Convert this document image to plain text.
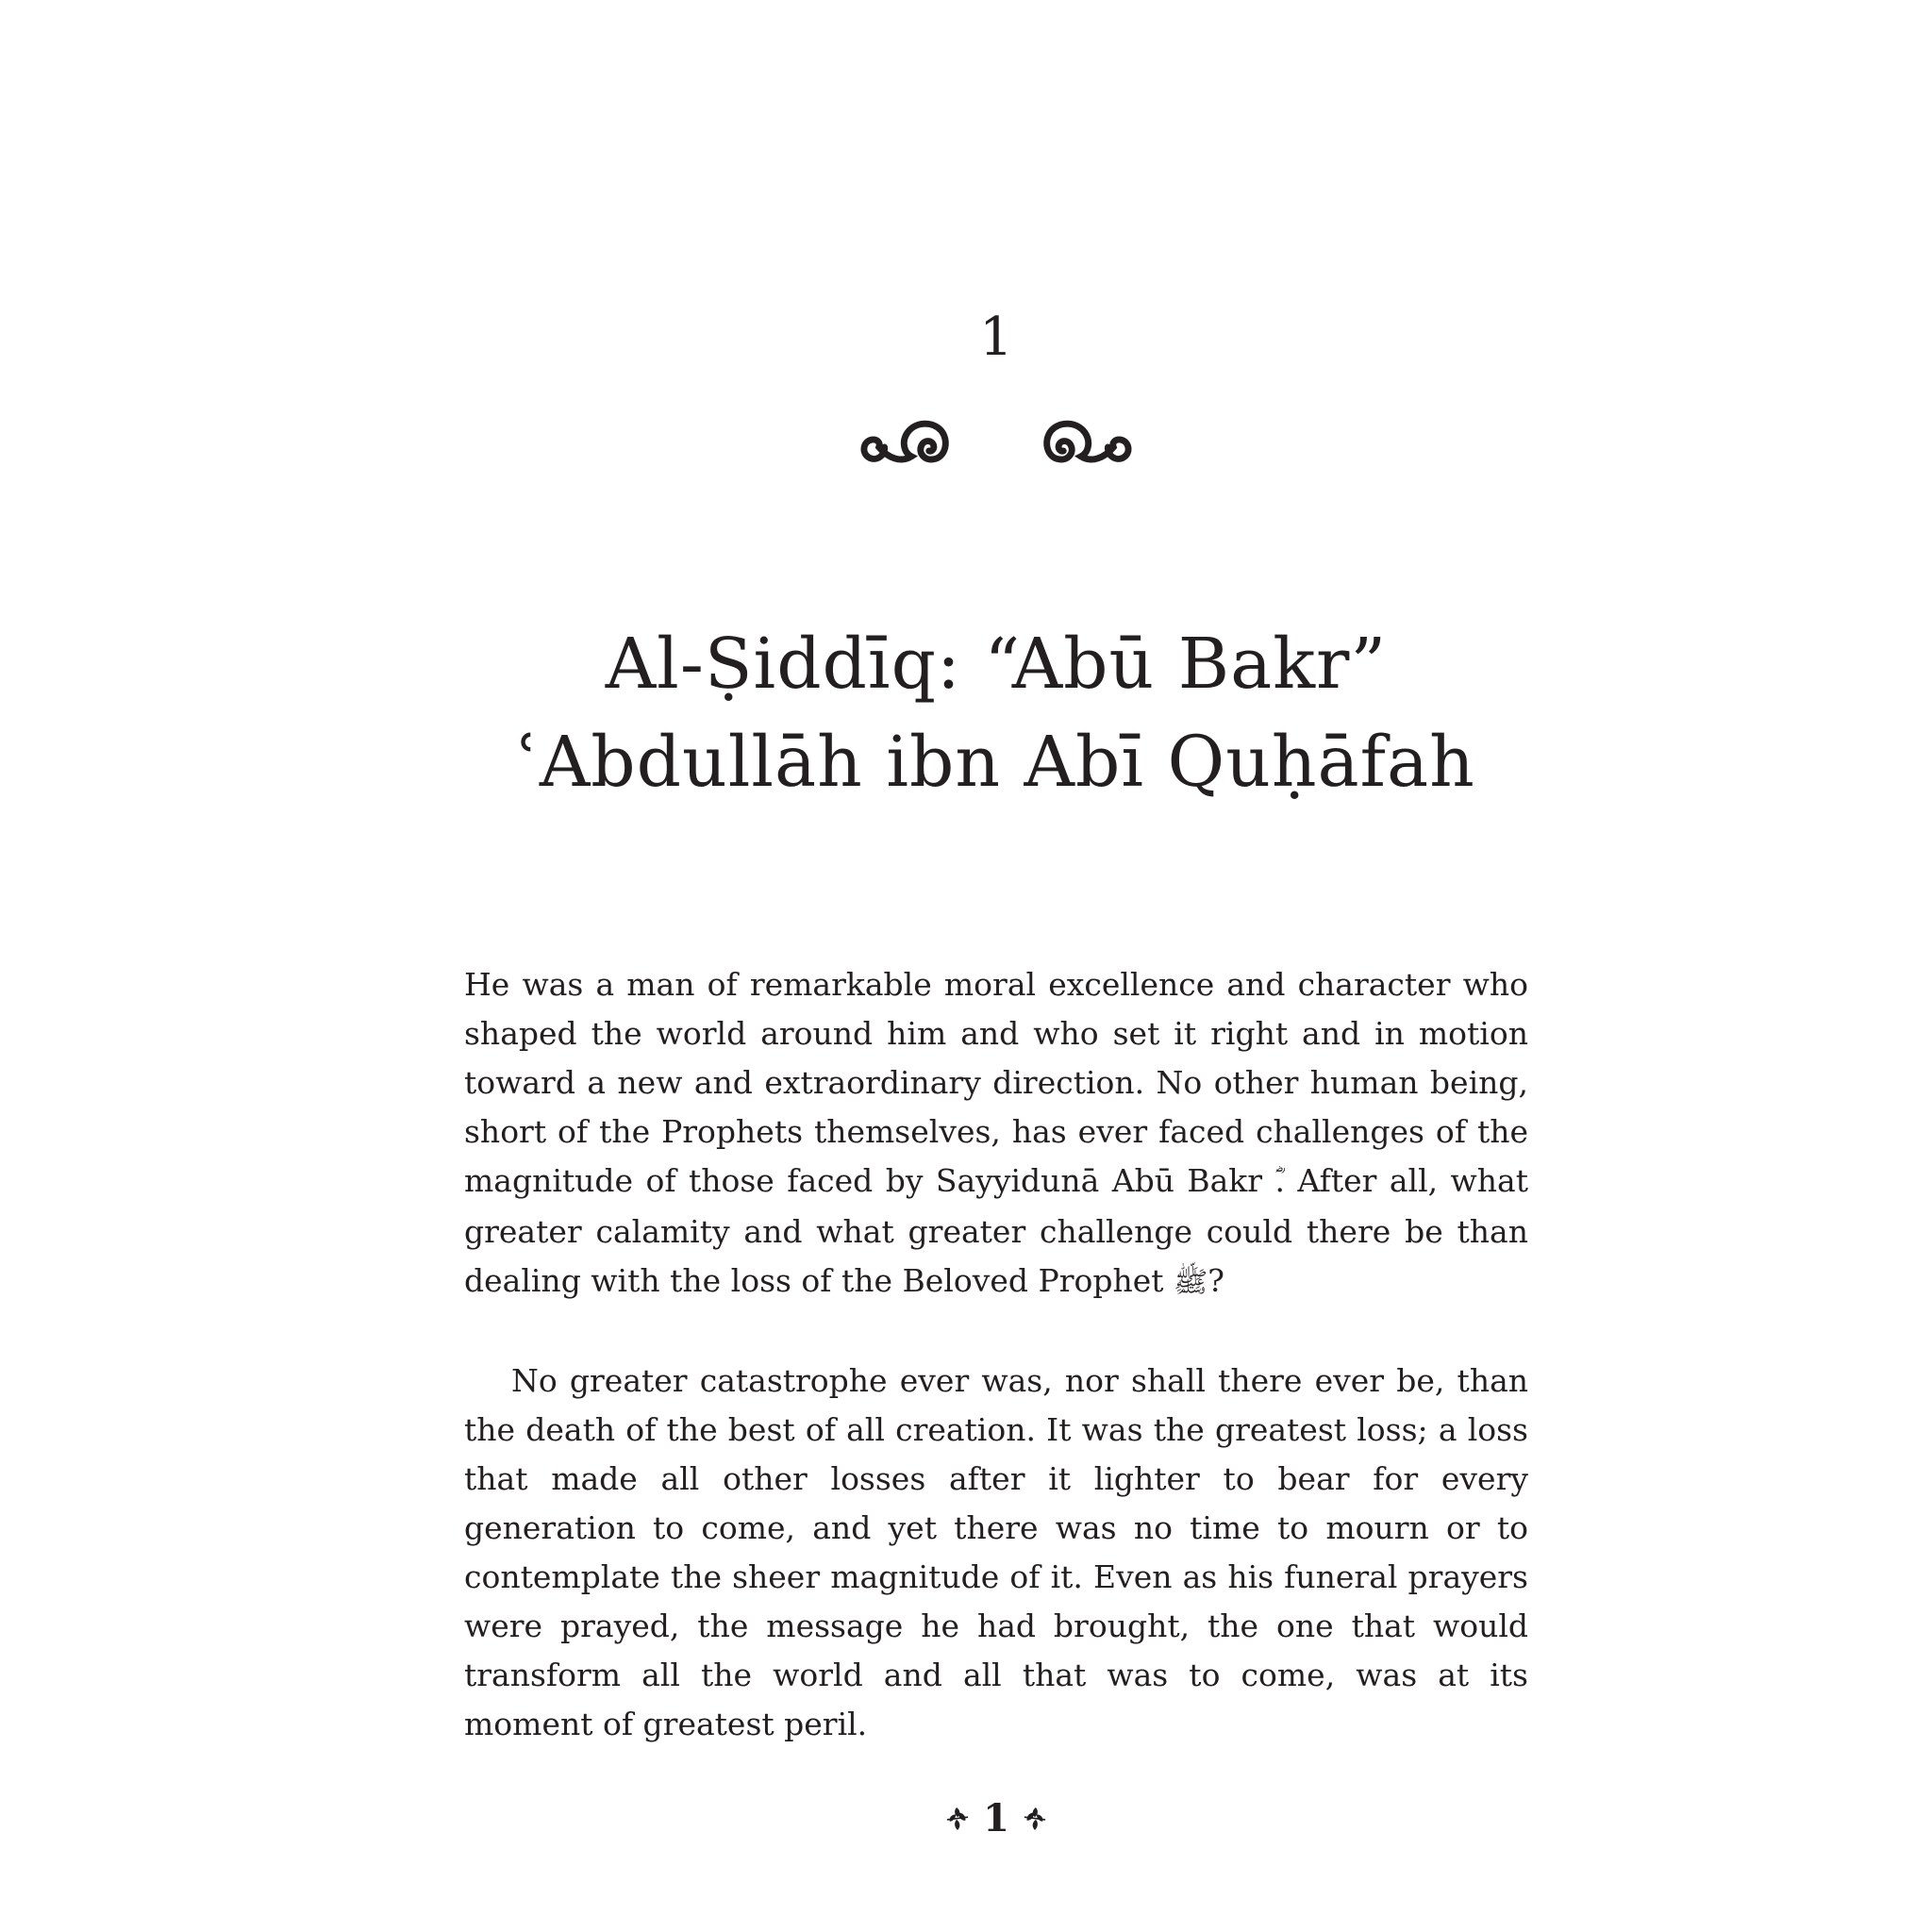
1
Al-Ṣiddīq: “Abū Bakr”
ʿAbdullāh ibn Abī Quḥāfah

He was a man of remarkable moral excellence and character who shaped the world around him and who set it right and in motion toward a new and extraordinary direction. No other human being, short of the Prophets themselves, has ever faced challenges of the magnitude of those faced by Sayyidunā Abū Bakr . After all, what greater calamity and what greater challenge could there be than dealing with the loss of the Beloved Prophet ﷺ?

No greater catastrophe ever was, nor shall there ever be, than the death of the best of all creation. It was the greatest loss; a loss that made all other losses after it lighter to bear for every generation to come, and yet there was no time to mourn or to contemplate the sheer magnitude of it. Even as his funeral prayers were prayed, the message he had brought, the one that would transform all the world and all that was to come, was at its moment of greatest peril.

1
